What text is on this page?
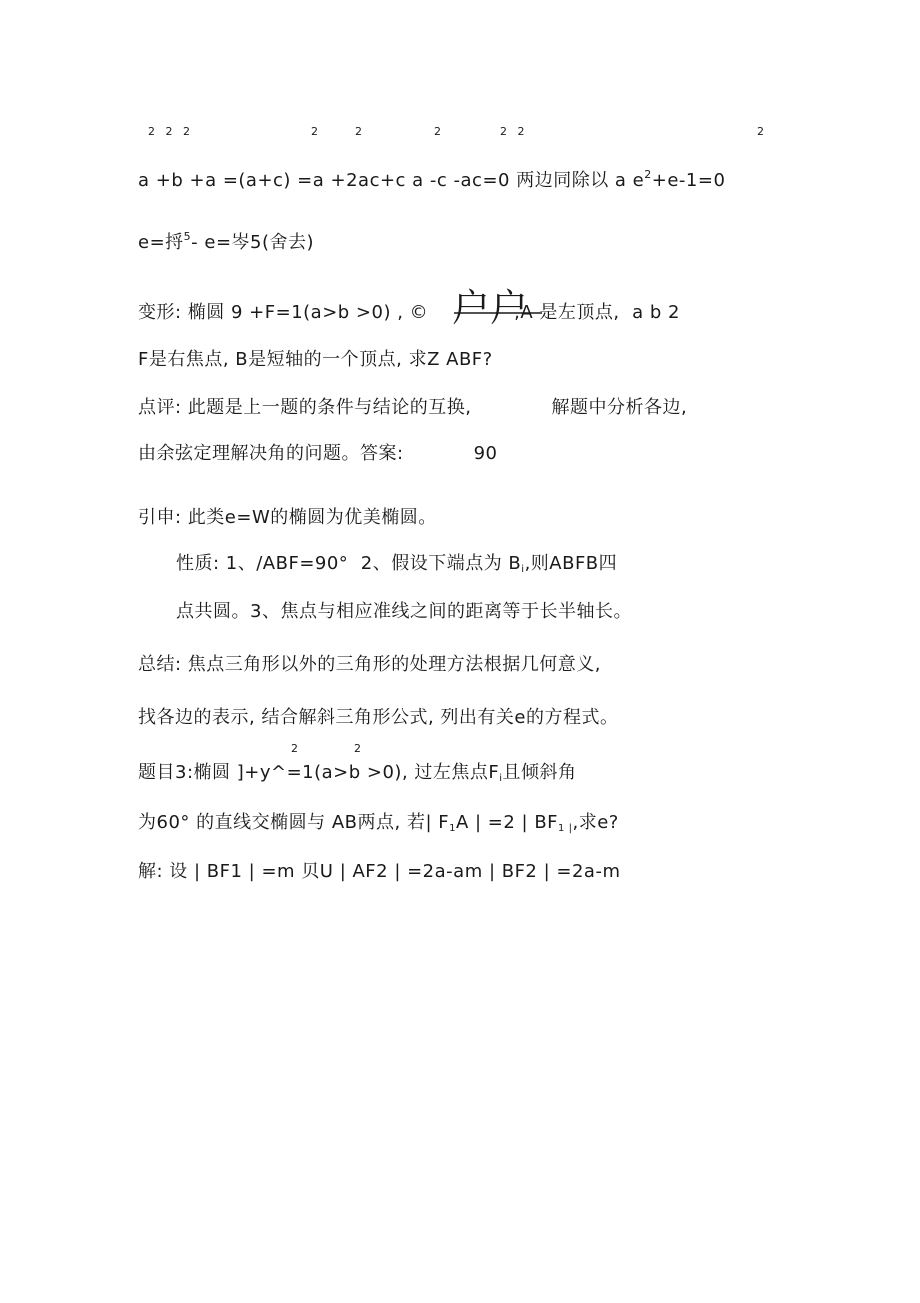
2   2   2	2	2	2	2   2	2
a +b +a =(a+c) =a +2ac+c a -c -ac=0 两边同除以 a $e^2+e-1=0$
e=捋$^5$- e=岑5(舍去)
变形: 椭圆 9 +F=1(a>b >0) , ©	,A 是左顶点,  a b 2
户户
F是右焦点, B是短轴的一个顶点, 求Z ABF?
点评: 此题是上一题的条件与结论的互换,	解题中分析各边,
由余弦定理解决角的问题。答案:	90
引申: 此类e=W的椭圆为优美椭圆。
性质: 1、/ABF=90°  2、假设下端点为 $B_i$,则ABFB四
点共圆。3、焦点与相应准线之间的距离等于长半轴长。
总结: 焦点三角形以外的三角形的处理方法根据几何意义,
找各边的表示, 结合解斜三角形公式, 列出有关e的方程式。
2	2
题目3:椭圆 ]+y^=1(a>b >0), 过左焦点$F_i$且倾斜角
为60° 的直线交椭圆与 AB两点, 若| $F_1A$ | =2 | $BF_{1 |}$,求e?
解: 设 | BF1 | =m 贝U | AF2 | =2a-am | BF2 | =2a-m
